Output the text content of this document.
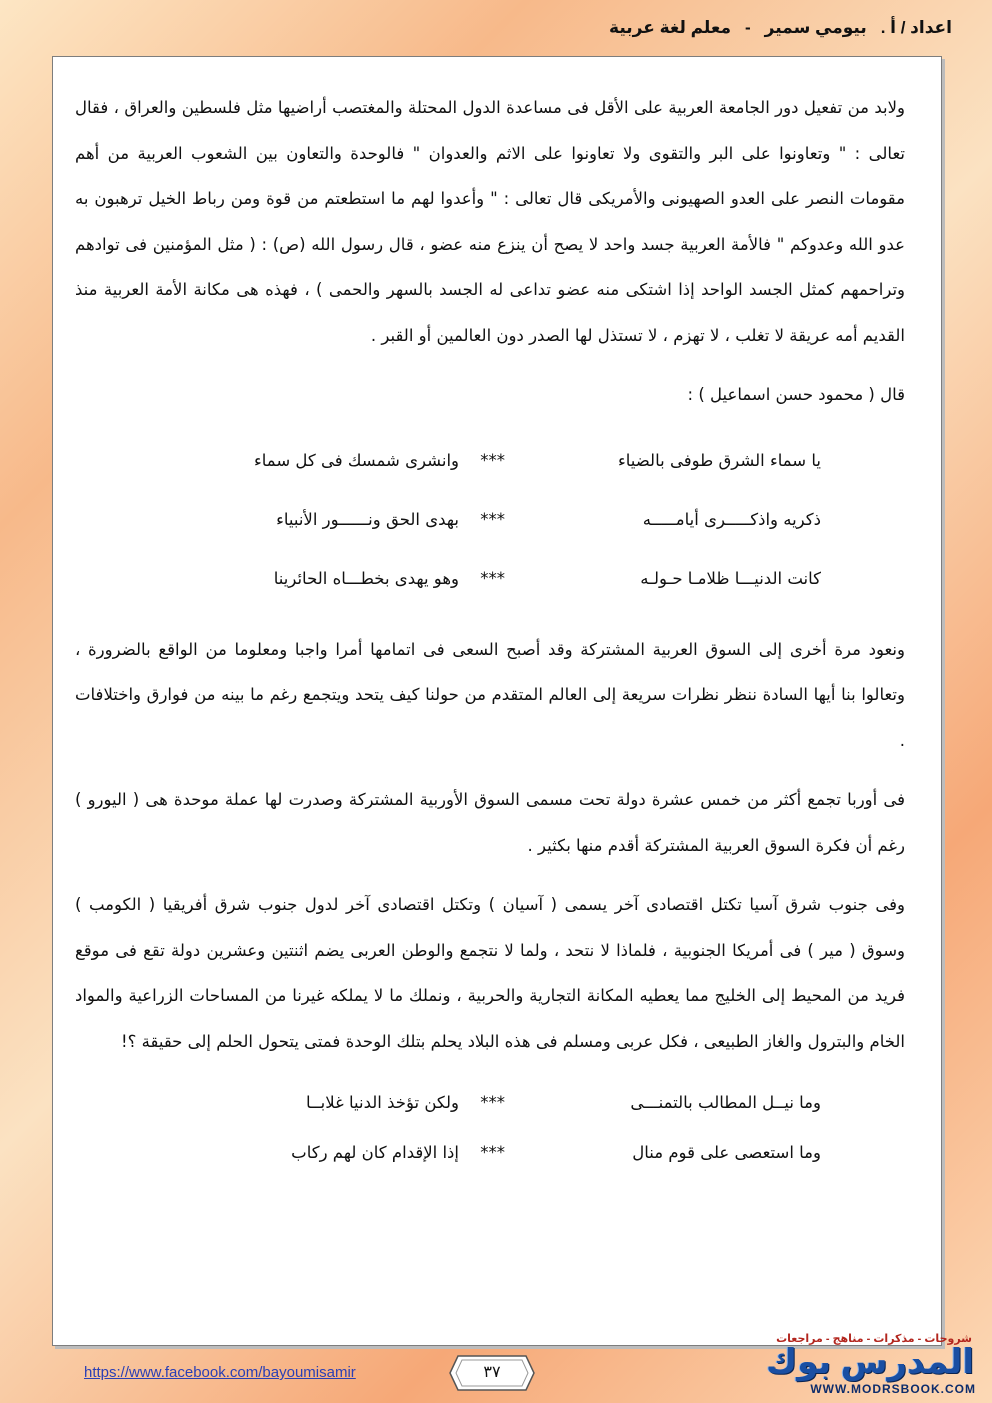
اعداد / أ .
بيومي سمير
-
معلم لغة عربية

ولابد من تفعيل دور الجامعة العربية على الأقل فى مساعدة الدول المحتلة والمغتصب أراضيها مثل فلسطين والعراق ، فقال تعالى : " وتعاونوا على البر والتقوى ولا تعاونوا على الاثم والعدوان " فالوحدة والتعاون بين الشعوب العربية من أهم مقومات النصر على العدو الصهيونى والأمريكى قال تعالى : " وأعدوا لهم ما استطعتم من قوة ومن رباط الخيل ترهبون به عدو الله وعدوكم " فالأمة العربية جسد واحد لا يصح أن ينزع منه عضو ، قال رسول الله (ص) : ( مثل المؤمنين فى توادهم وتراحمهم كمثل الجسد الواحد إذا اشتكى منه عضو تداعى له الجسد بالسهر والحمى ) ، فهذه هى مكانة الأمة العربية منذ القديم أمه عريقة لا تغلب ، لا تهزم ، لا تستذل لها الصدر دون العالمين أو القبر .

قال ( محمود حسن اسماعيل ) :

يا سماء الشرق طوفى بالضياء
***
وانشرى شمسك فى كل سماء
ذكريه واذكـــــرى أيامـــــه
***
بهدى الحق ونــــــور الأنبياء
كانت الدنيـــا ظلامـا حـولـه
***
وهو يهدى بخطـــاه الحائرينا

ونعود مرة أخرى إلى السوق العربية المشتركة وقد أصبح السعى فى اتمامها أمرا واجبا ومعلوما من الواقع بالضرورة ، وتعالوا بنا أيها السادة ننظر نظرات سريعة إلى العالم المتقدم من حولنا كيف يتحد ويتجمع رغم ما بينه من فوارق واختلافات .

فى أوربا تجمع أكثر من خمس عشرة دولة تحت مسمى السوق الأوربية المشتركة وصدرت لها عملة موحدة هى ( اليورو ) رغم أن فكرة السوق العربية المشتركة أقدم منها بكثير .

وفى جنوب شرق آسيا تكتل اقتصادى آخر يسمى ( آسيان ) وتكتل اقتصادى آخر لدول جنوب شرق أفريقيا ( الكومب ) وسوق ( مير ) فى أمريكا الجنوبية ، فلماذا لا نتحد ، ولما لا نتجمع والوطن العربى يضم اثنتين وعشرين دولة تقع فى موقع فريد من المحيط إلى الخليج مما يعطيه المكانة التجارية والحربية ، ونملك ما لا يملكه غيرنا من المساحات الزراعية والمواد الخام والبترول والغاز الطبيعى ، فكل عربى ومسلم فى هذه البلاد يحلم بتلك الوحدة فمتى يتحول الحلم إلى حقيقة ؟!

وما نيــل المطالب بالتمنـــى
***
ولكن تؤخذ الدنيا غلابــا
وما استعصى على قوم منال
***
إذا الإقدام كان لهم ركاب
https://www.facebook.com/bayoumisamir	٣٧
شروحات - مذكرات - مناهج - مراجعات
المدرس بوك
WWW.MODRSBOOK.COM
